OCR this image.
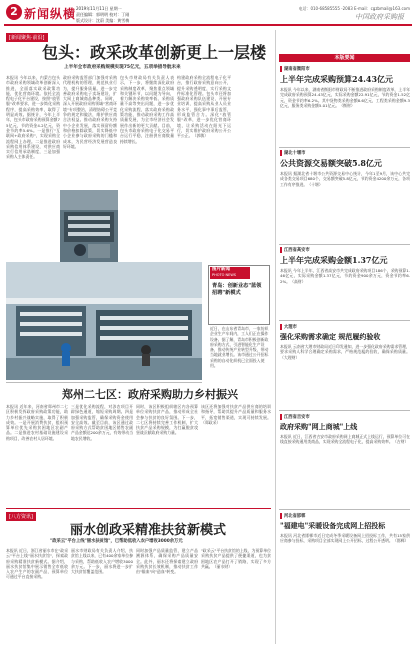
2 新闻纵横 2019年11月11日 星期一
责任编辑：郭明明 校对：丁刚
版式设计：沈蔚 美编：黄雪梅
电话：010-68585555 -2083 E-mail：cgzbmail@163.com
中国政府采购报
[新闻聚焦·前沿]
包头：政采改革创新更上一层楼
上半年全市政府采购规模实现75亿元，五项举措导航未来

本报讯 今年以来，内蒙古包头市政府采购领域改革创新深入推进，全面落实政采政策功能，优化营商环境。依托全流程电子化平台建设，按照"放管服"改革要求，进一步简化采购程序，提高采购效率，取得了明显成效。据统计，今年上半年，包头市政府采购预算金额75亿元，节约资金4.2亿元，资金节约率5.6%。一是推行"互联网+政府采购"，实现采购全流程网上办理。二是推进政府采购信用体系建设，对供应商实行信用承诺制度，三是加强采购人主体责任。

政府采购监管部门加强对采购代理机构的管理，规范执业行为，提升服务质量。进一步完善政府采购电子卖场建设，扩大网上商城商品种类。同时，深入开展政府采购领域"营商环境"专项整治，清理妨碍公平竞争的规定和做法，维护供应商合法权益。推动政府采购支持中小企业发展，落实预留份额和价格扣除政策，切实降低中小企业参与政府采购的门槛和成本，为民营经济发展营造良好环境。

包头市财政局有关负责人表示，下一步，将继续深化政府采购制度改革，聚焦重点领域和关键环节，以问题为导向，着力解决采购效率低、采购质量不高等突出问题，进一步优化采购流程，落实政府采购政策功能，推动政府采购工作高质量发展，为全市经济社会发展作出新的更大贡献。目前，包头市政府采购电子化交易平台运行平稳，注册供应商数量持续增长。

构建政府采购全流程电子化平台，推行政府采购意向公开，提升采购透明度，实行采购文件标准化管理。包头市还将加强政府采购队伍建设，开展专业培训，提高采购从业人员业务水平，强化事中事后监管，形成监管合力。深化"放管服"改革，进一步优化营商环境，让采购活动在阳光下运行，切实维护政府采购公开公平公正。（郭敏）

图片新闻
PHOTO NEWS
青岛：创新业态"蓝领招聘"新模式
近日，在山东省青岛市，一家纺织企业生产车间内，工人们正在操作设备。据了解，青岛市积极创新政府采购方式，引进智能化生产设备，推动传统产业转型升级，带动当地就业增长。该市通过公开招标采购的自动化织机已全面投入使用。
郑州二七区：政府采购助力乡村振兴

本报讯 近年来，河南省郑州市二七区积极发挥政府采购政策功能，助力乡村振兴战略实施，取得了积极成效。一是开展消费扶贫，组织预算单位优先采购贫困地区农副产品。二是推进农村基础设施建设采购项目，改善农村人居环境。

三是优化采购流程，对涉农项目开辟绿色通道，缩短采购周期。四是加强采购监管，确保采购资金使用安全高效。截至目前，该区通过政府采购方式帮助贫困地区销售农副产品金额达200余万元，有效带动当地农民增收。

同时，该区积极组织辖区内各预算单位采购扶贫产品，推动形成全社会参与扶贫的良好氛围。下一步，二七区将持续完善工作机制，扩大扶贫产品采购规模，为打赢脱贫攻坚战贡献政府采购力量。

该区还将加强对扶贫产品供应商的培训和指导，帮助其提升产品质量和服务水平，拓宽销售渠道，实现可持续发展。（郑政采）

[八方资讯]
丽水创政采精准扶贫新模式
"政采云"平台上线"丽水扶贫馆"，已帮助低收入农户增收3000余万元

本报讯 近日，浙江省丽水市在"政采云"平台上线"丽水扶贫馆"，探索政府采购精准扶贫新模式。据介绍，丽水扶贫馆集中展示销售全市低收入农户生产的农副产品，预算单位可通过平台直接采购。

丽水市财政局有关负责人介绍，扶贫馆上线以来，已有400余家单位参与采购，帮助低收入农户增收3000余万元。下一步，丽水将进一步扩大扶贫馆覆盖范围。

同时加强产品质量监管，建立产品溯源体系，确保采购产品质量安全。此外，丽水还将探索建立政府采购扶贫长效机制，推动扶贫工作由"输血"向"造血"转变。

"政采云"平台扶贫馆的上线，为预算单位采购扶贫产品提供了便捷渠道，也为贫困地区农产品打开了销路，实现了多方共赢。（丽水财）

本版要闻
湖南省衡阳市
上半年完成采购预算24.43亿元

本报讯 今年以来，湖南省衡阳市财政局不断推进政府采购制度改革，上半年完成政府采购预算24.43亿元，实际采购金额22.91亿元，节约资金1.52亿元，资金节约率6.2%。其中货物类采购金额8.6亿元，工程类采购金额9.3亿元，服务类采购金额5.01亿元。（衡财）

湖北十堰市
公共资源交易额突破5.8亿元

本报讯 据湖北省十堰市公共资源交易中心统计，今年1至9月，该中心共完成各类交易项目680个，交易额突破5.8亿元，节约资金4200余万元，各项工作有序推进。（十堰）

江西省高安市
上半年完成采购金额1.37亿元

本报讯 今年上半年，江西省高安市共完成政府采购项目186个，采购预算1.46亿元，实际采购金额1.37亿元，节约资金900余万元，资金节约率6.2%。（高财）

大理市
强化采购需求确定 规范履约验收

本报讯 云南省大理市财政局近日印发通知，进一步强化政府采购需求管理，要求采购人科学合理确定采购需求，严格规范履约验收，确保采购质量。（大理财）

江西省吉安市
政府采购"网上商城"上线

本报讯 近日，江西省吉安市政府采购网上商城正式上线运行，预算单位可在线直接采购通用类商品，实现采购全流程电子化，提高采购效率。（吉财）

河北省邯郸
"福建电"采暖设备完成网上招投标

本报讯 河北省邯郸市近日完成冬季采暖设备网上招投标工作，共有15家供应商参与投标，采购项目全部实现网上公开招标，过程公开透明。（邯郸）
